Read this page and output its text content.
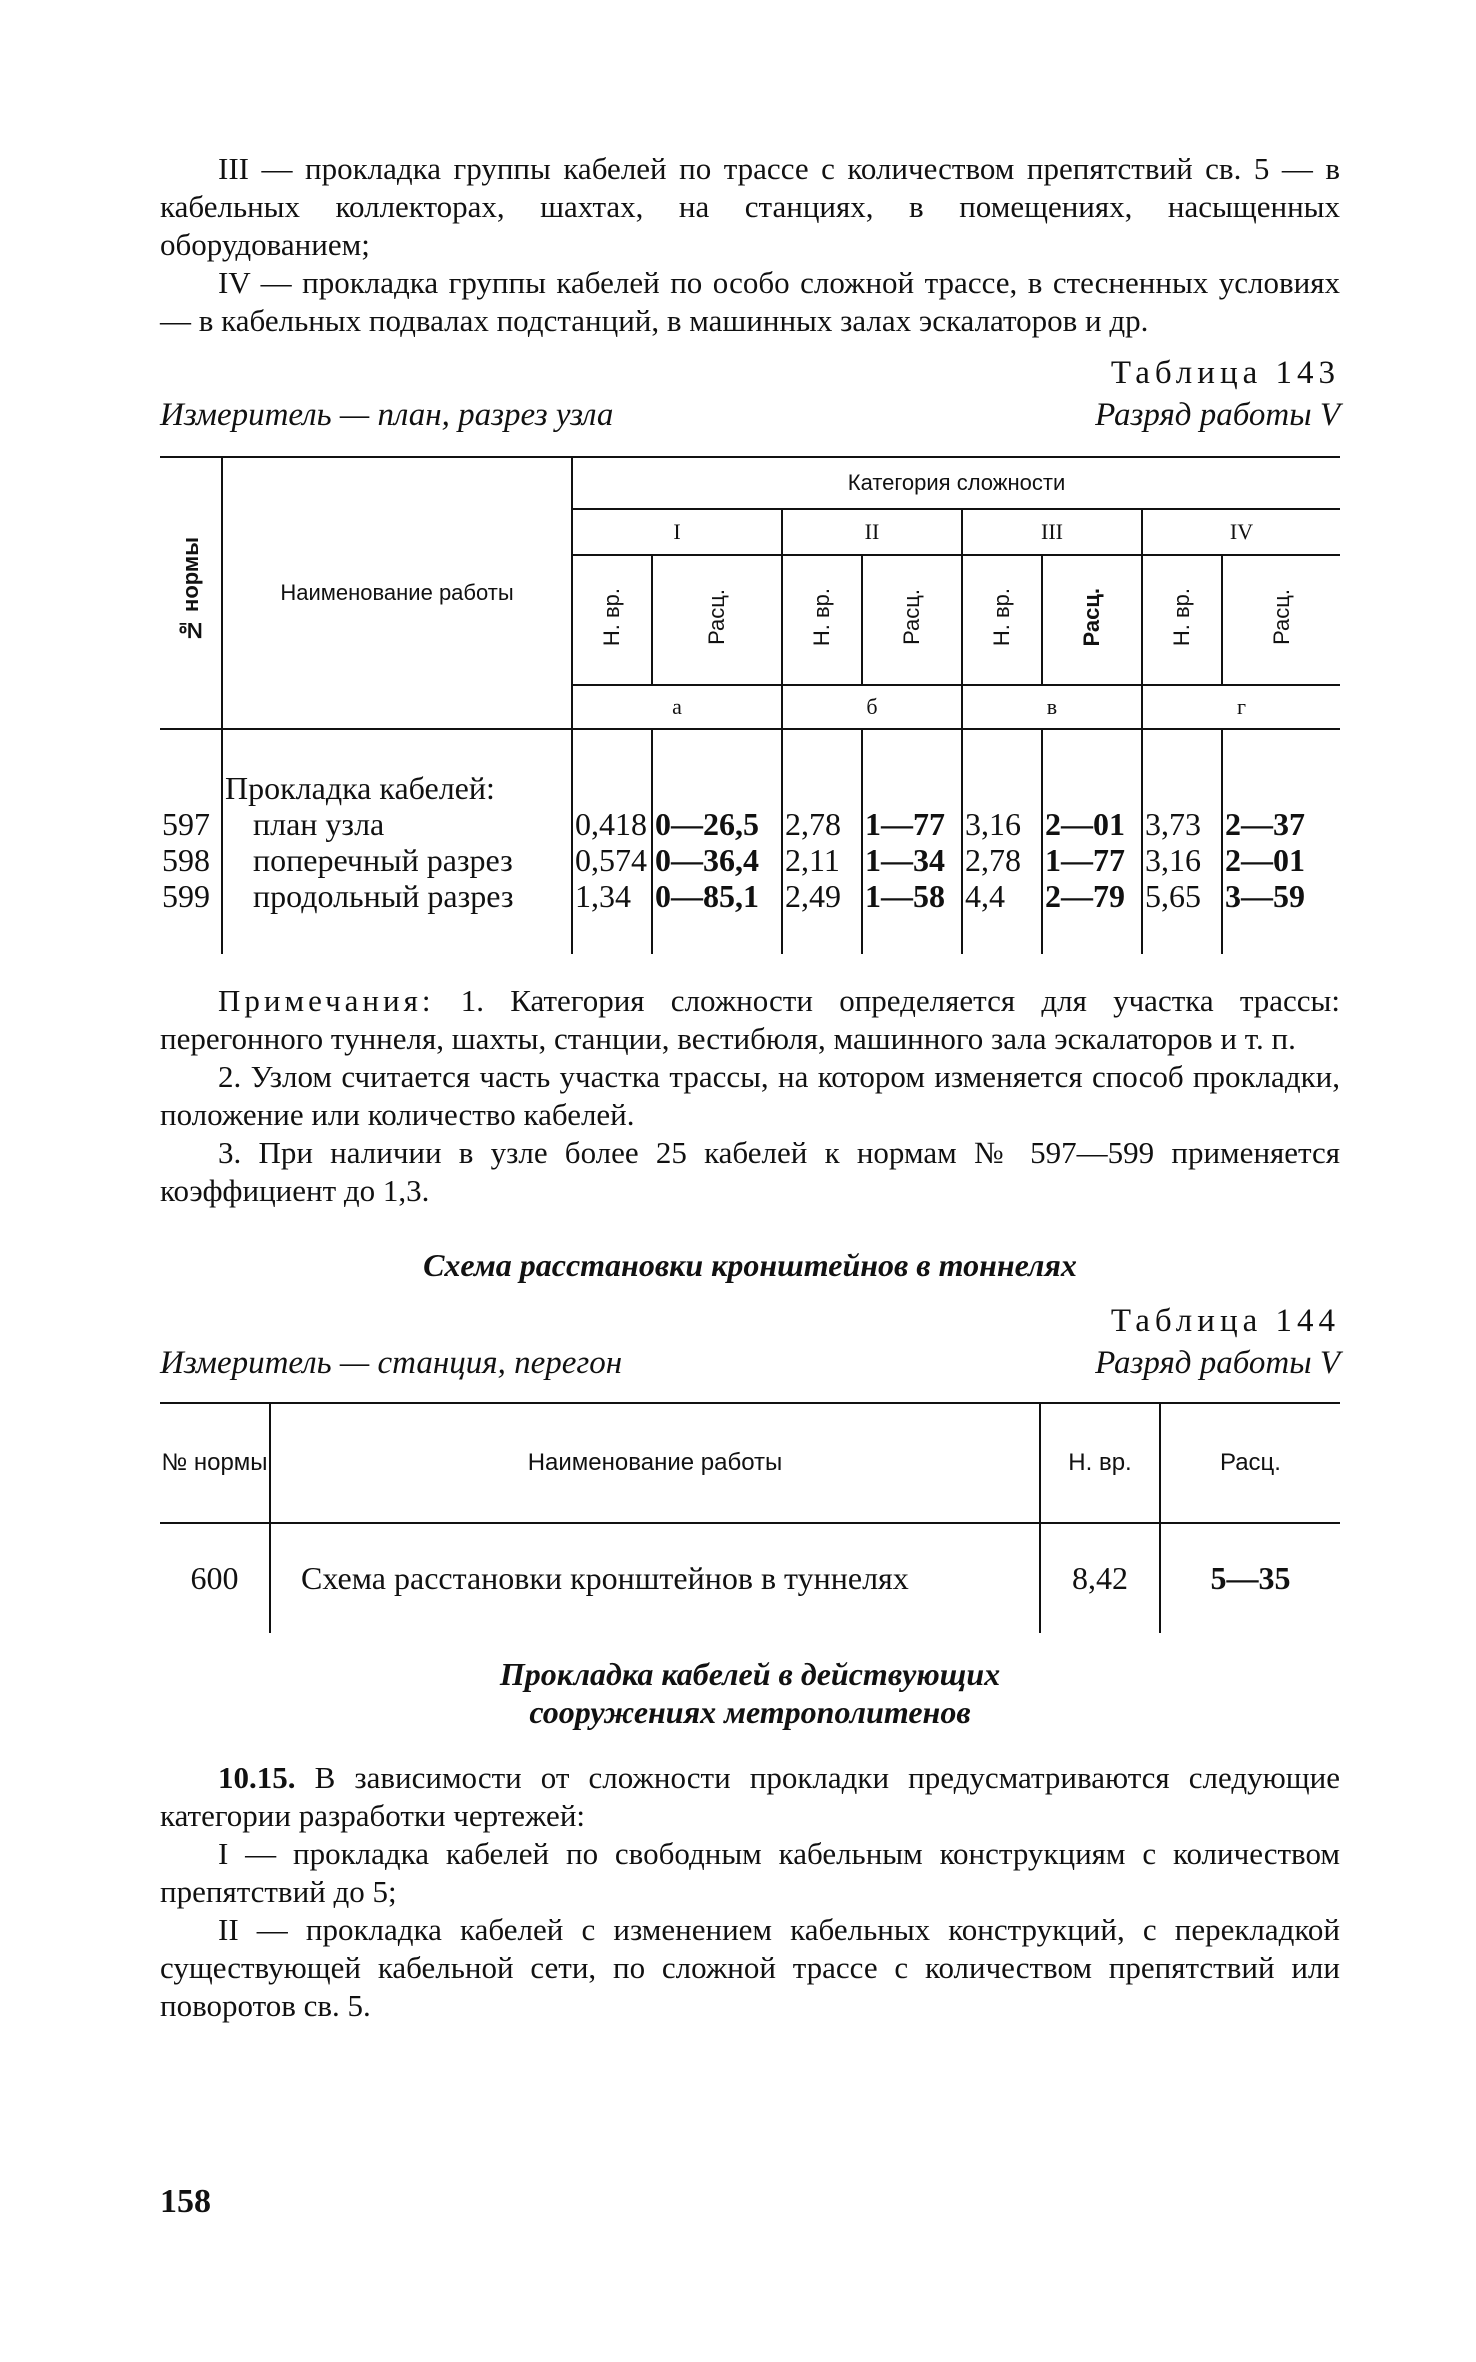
III — прокладка группы кабелей по трассе с количеством препятствий св. 5 — в кабельных коллекторах, шахтах, на станциях, в помещениях, насыщенных оборудованием;

IV — прокладка группы кабелей по особо сложной трассе, в стесненных условиях — в кабельных подвалах подстанций, в машинных залах эскалаторов и др.

Таблица 143
Измеритель — план, разрез узла	Разряд работы V
№ нормы	Наименование работы	Категория сложности							
		I		II		III		IV	
		Н. вр.	Расц.	Н. вр.	Расц.	Н. вр.	Расц.	Н. вр.	Расц.
		а		б		в		г	
	Прокладка кабелей:								
597	план узла	0,418	0—26,5	2,78	1—77	3,16	2—01	3,73	2—37
598	поперечный разрез	0,574	0—36,4	2,11	1—34	2,78	1—77	3,16	2—01
599	продольный разрез	1,34	0—85,1	2,49	1—58	4,4	2—79	5,65	3—59

Примечания: 1. Категория сложности определяется для участка трассы: перегонного туннеля, шахты, станции, вестибюля, машинного зала эскалаторов и т. п.

2. Узлом считается часть участка трассы, на котором изменяется способ прокладки, положение или количество кабелей.

3. При наличии в узле более 25 кабелей к нормам № 597—599 применяется коэффициент до 1,3.

Схема расстановки кронштейнов в тоннелях
Таблица 144
Измеритель — станция, перегон	Разряд работы V
№ нормы	Наименование работы	Н. вр.	Расц.
600	Схема расстановки кронштейнов в туннелях	8,42	5—35
Прокладка кабелей в действующих
сооружениях метрополитенов

10.15. В зависимости от сложности прокладки предусматриваются следующие категории разработки чертежей:

I — прокладка кабелей по свободным кабельным конструкциям с количеством препятствий до 5;

II — прокладка кабелей с изменением кабельных конструкций, с перекладкой существующей кабельной сети, по сложной трассе с количеством препятствий или поворотов св. 5.

158
